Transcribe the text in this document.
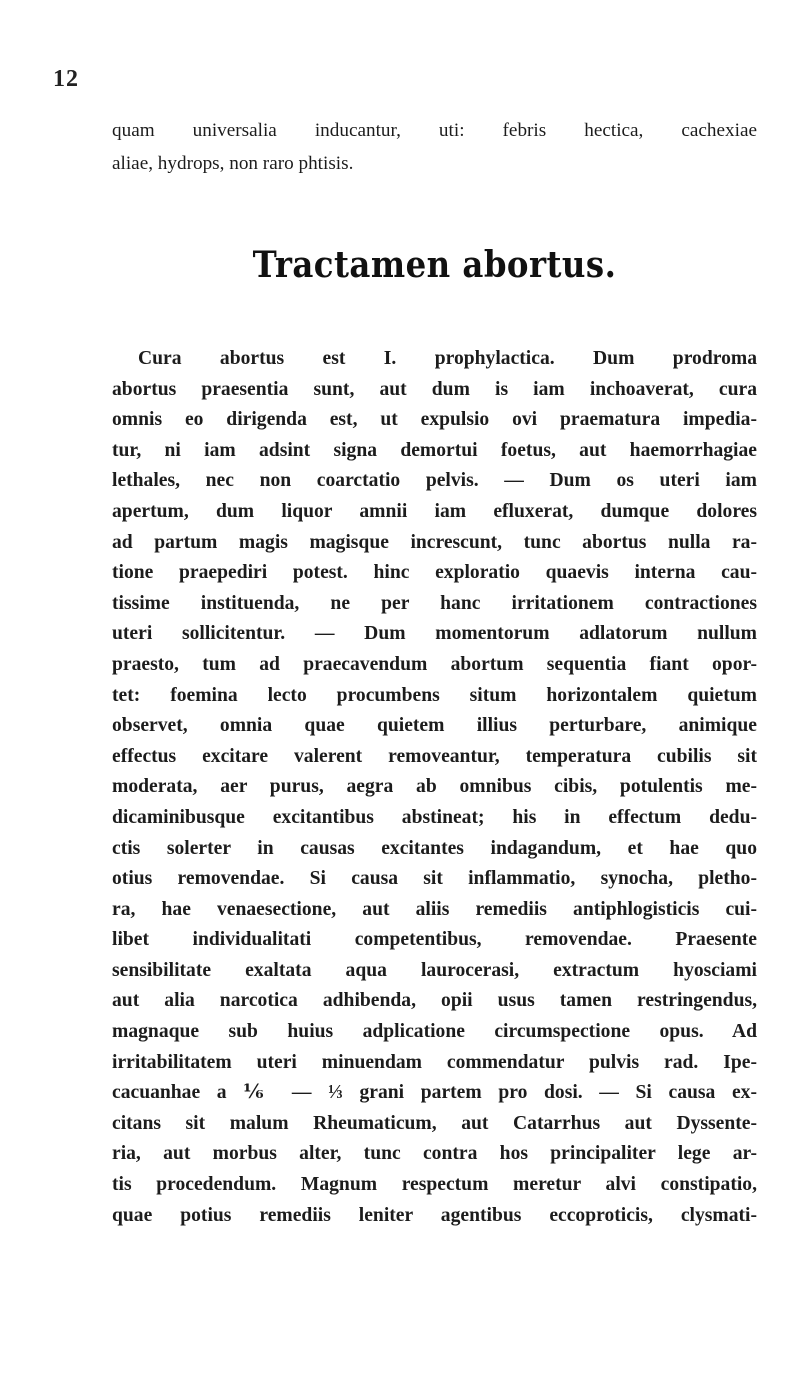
12
quam universalia inducantur, uti: febris hectica, cachexiae
aliae, hydrops, non raro phtisis.
Tractamen abortus.
Cura abortus est I. prophylactica. Dum prodroma
abortus praesentia sunt, aut dum is iam inchoaverat, cura
omnis eo dirigenda est, ut expulsio ovi praematura impedia-
tur, ni iam adsint signa demortui foetus, aut haemorrhagiae
lethales, nec non coarctatio pelvis. — Dum os uteri iam
apertum, dum liquor amnii iam efluxerat, dumque dolores
ad partum magis magisque increscunt, tunc abortus nulla ra-
tione praepediri potest. hinc exploratio quaevis interna cau-
tissime instituenda, ne per hanc irritationem contractiones
uteri sollicitentur. — Dum momentorum adlatorum nullum
praesto, tum ad praecavendum abortum sequentia fiant opor-
tet: foemina lecto procumbens situm horizontalem quietum
observet, omnia quae quietem illius perturbare, animique
effectus excitare valerent removeantur, temperatura cubilis sit
moderata, aer purus, aegra ab omnibus cibis, potulentis me-
dicaminibusque excitantibus abstineat; his in effectum dedu-
ctis solerter in causas excitantes indagandum, et hae quo
otius removendae. Si causa sit inflammatio, synocha, pletho-
ra, hae venaesectione, aut aliis remediis antiphlogisticis cui-
libet individualitati competentibus, removendae. Praesente
sensibilitate exaltata aqua laurocerasi, extractum hyosciami
aut alia narcotica adhibenda, opii usus tamen restringendus,
magnaque sub huius adplicatione circumspectione opus. Ad
irritabilitatem uteri minuendam commendatur pulvis rad. Ipe-
cacuanhae a ⅙ — ⅓ grani partem pro dosi. — Si causa ex-
citans sit malum Rheumaticum, aut Catarrhus aut Dyssente-
ria, aut morbus alter, tunc contra hos principaliter lege ar-
tis procedendum. Magnum respectum meretur alvi constipatio,
quae potius remediis leniter agentibus eccoproticis, clysmati-
